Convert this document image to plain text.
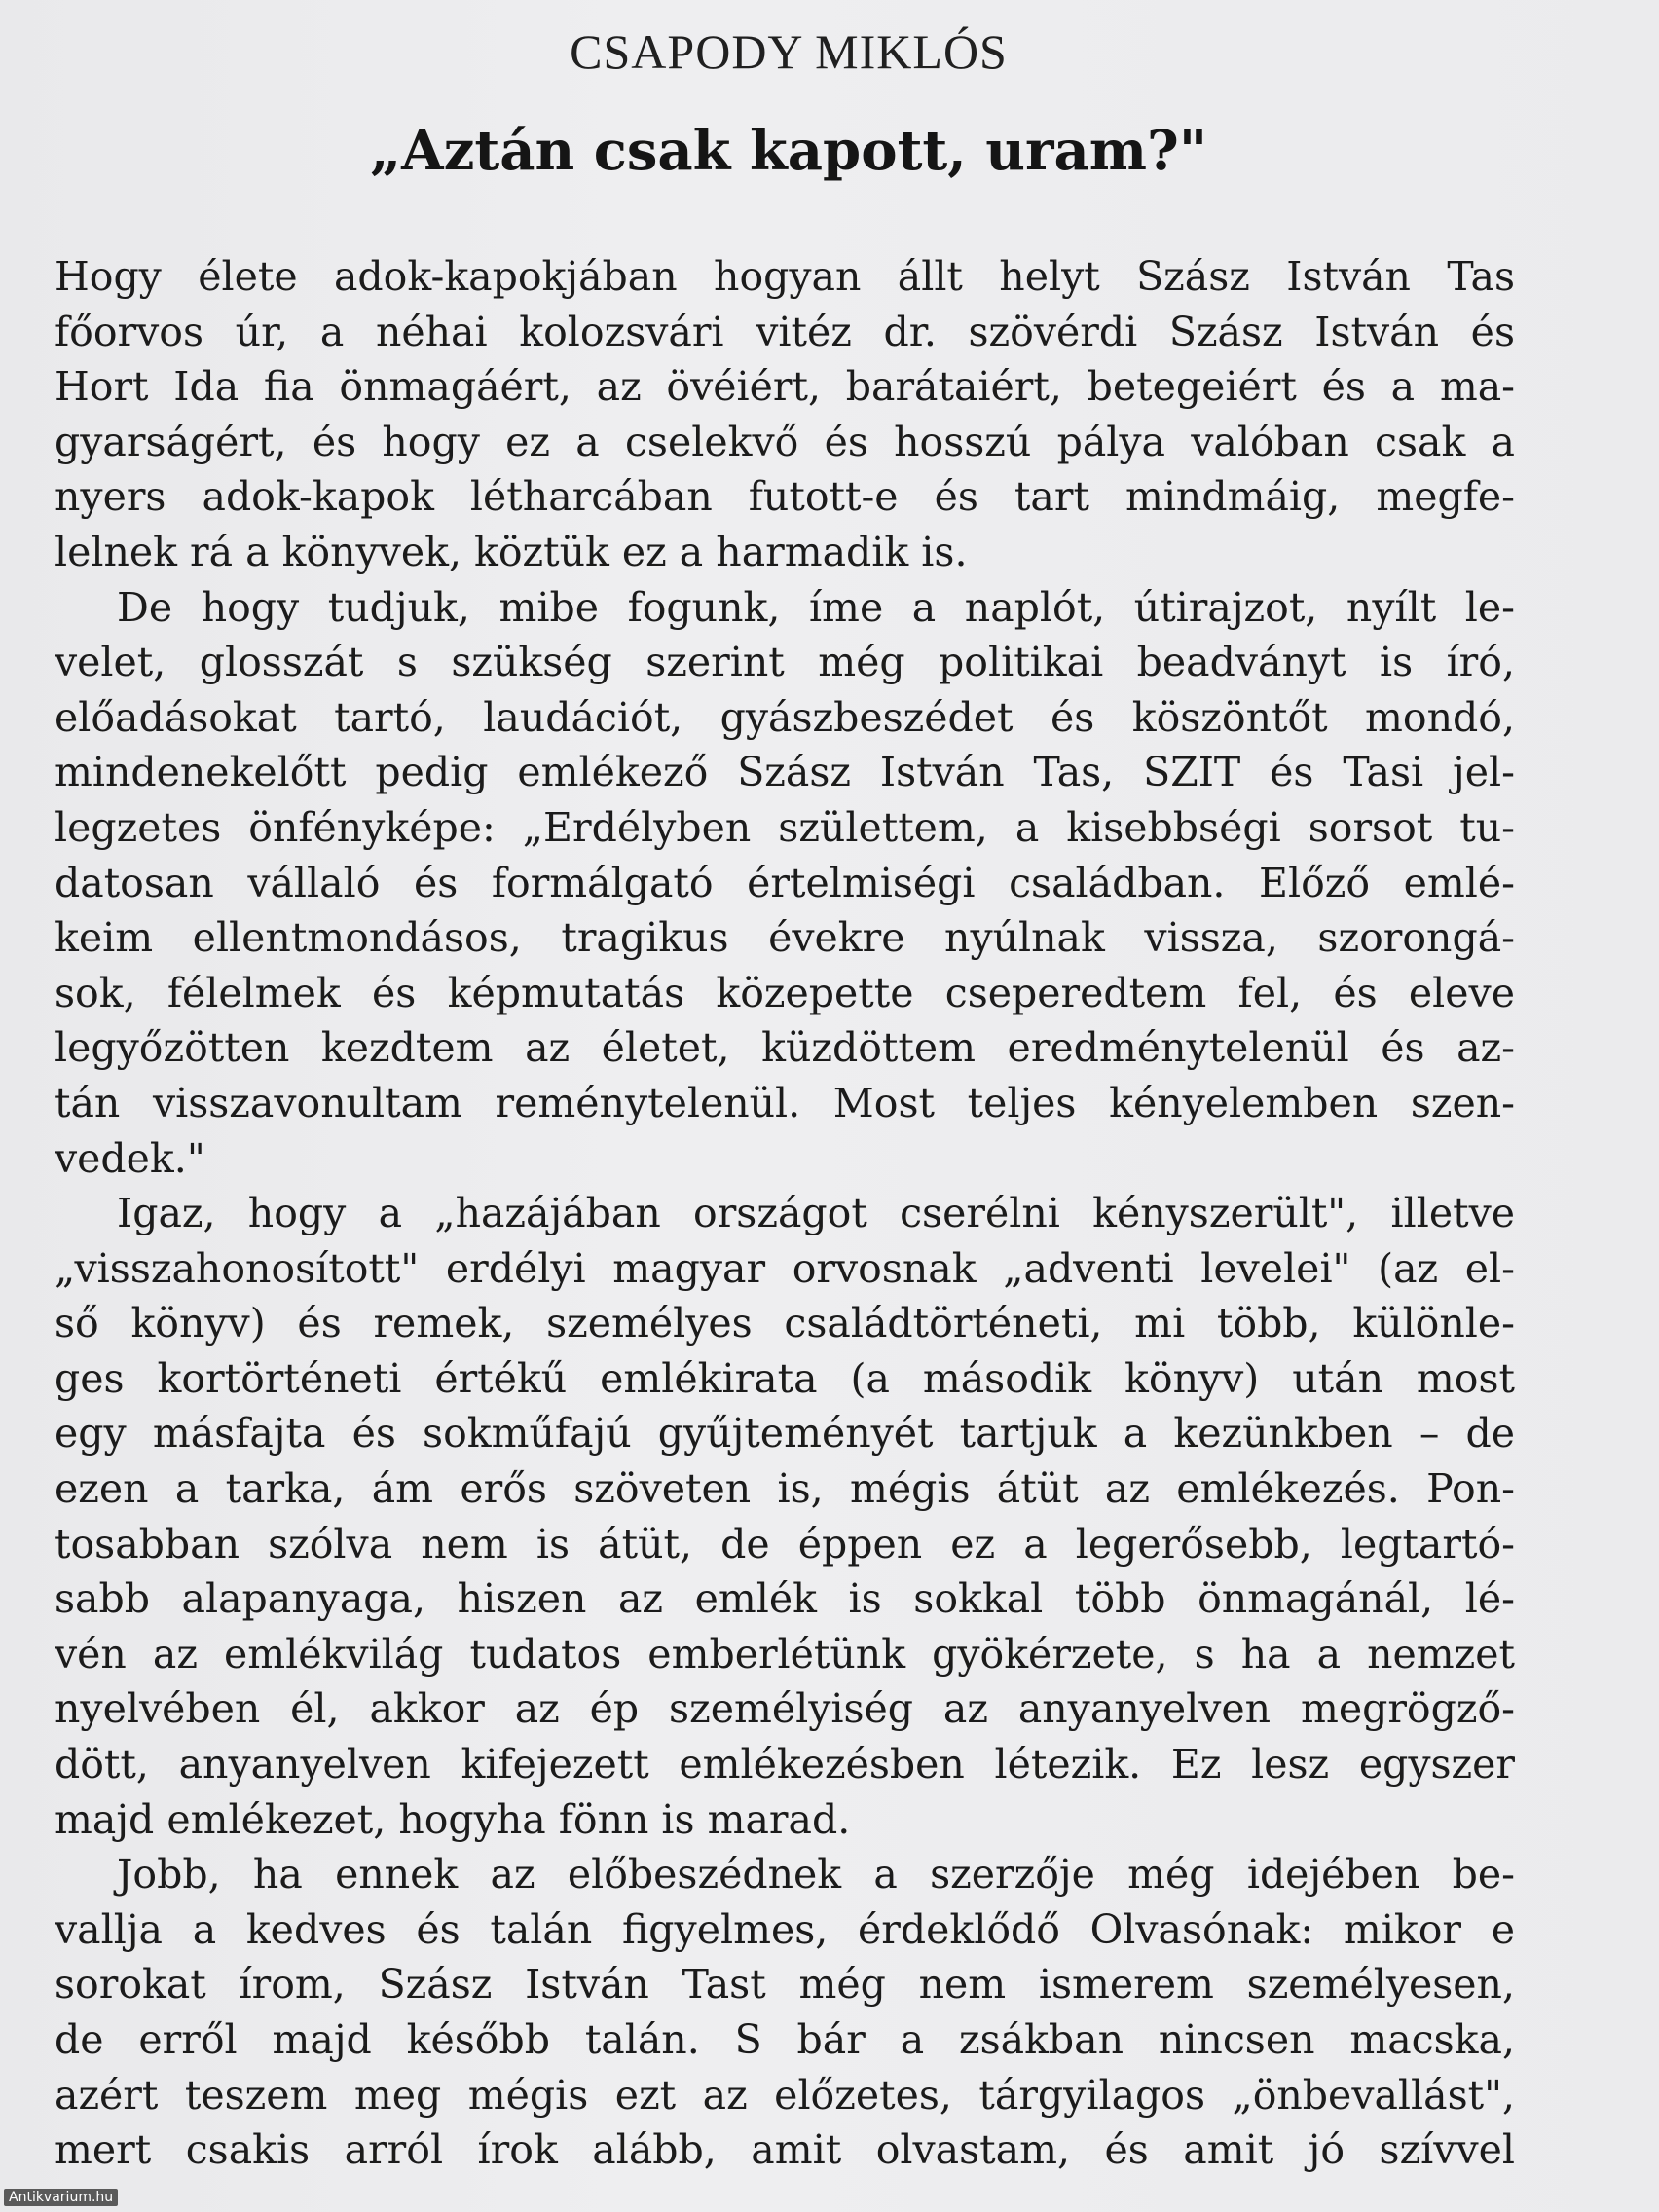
CSAPODY MIKLÓS
„Aztán csak kapott, uram?"
Hogy élete adok-kapokjában hogyan állt helyt Szász István Tas
főorvos úr, a néhai kolozsvári vitéz dr. szövérdi Szász István és
Hort Ida fia önmagáért, az övéiért, barátaiért, betegeiért és a ma-
gyarságért, és hogy ez a cselekvő és hosszú pálya valóban csak a
nyers adok-kapok létharcában futott-e és tart mindmáig, megfe-
lelnek rá a könyvek, köztük ez a harmadik is.
De hogy tudjuk, mibe fogunk, íme a naplót, útirajzot, nyílt le-
velet, glosszát s szükség szerint még politikai beadványt is író,
előadásokat tartó, laudációt, gyászbeszédet és köszöntőt mondó,
mindenekelőtt pedig emlékező Szász István Tas, SZIT és Tasi jel-
legzetes önfényképe: „Erdélyben születtem, a kisebbségi sorsot tu-
datosan vállaló és formálgató értelmiségi családban. Előző emlé-
keim ellentmondásos, tragikus évekre nyúlnak vissza, szorongá-
sok, félelmek és képmutatás közepette cseperedtem fel, és eleve
legyőzötten kezdtem az életet, küzdöttem eredménytelenül és az-
tán visszavonultam reménytelenül. Most teljes kényelemben szen-
vedek."
Igaz, hogy a „hazájában országot cserélni kényszerült", illetve
„visszahonosított" erdélyi magyar orvosnak „adventi levelei" (az el-
ső könyv) és remek, személyes családtörténeti, mi több, különle-
ges kortörténeti értékű emlékirata (a második könyv) után most
egy másfajta és sokműfajú gyűjteményét tartjuk a kezünkben – de
ezen a tarka, ám erős szöveten is, mégis átüt az emlékezés. Pon-
tosabban szólva nem is átüt, de éppen ez a legerősebb, legtartó-
sabb alapanyaga, hiszen az emlék is sokkal több önmagánál, lé-
vén az emlékvilág tudatos emberlétünk gyökérzete, s ha a nemzet
nyelvében él, akkor az ép személyiség az anyanyelven megrögző-
dött, anyanyelven kifejezett emlékezésben létezik. Ez lesz egyszer
majd emlékezet, hogyha fönn is marad.
Jobb, ha ennek az előbeszédnek a szerzője még idejében be-
vallja a kedves és talán figyelmes, érdeklődő Olvasónak: mikor e
sorokat írom, Szász István Tast még nem ismerem személyesen,
de erről majd később talán. S bár a zsákban nincsen macska,
azért teszem meg mégis ezt az előzetes, tárgyilagos „önbevallást",
mert csakis arról írok alább, amit olvastam, és amit jó szívvel
Antikvarium.hu
